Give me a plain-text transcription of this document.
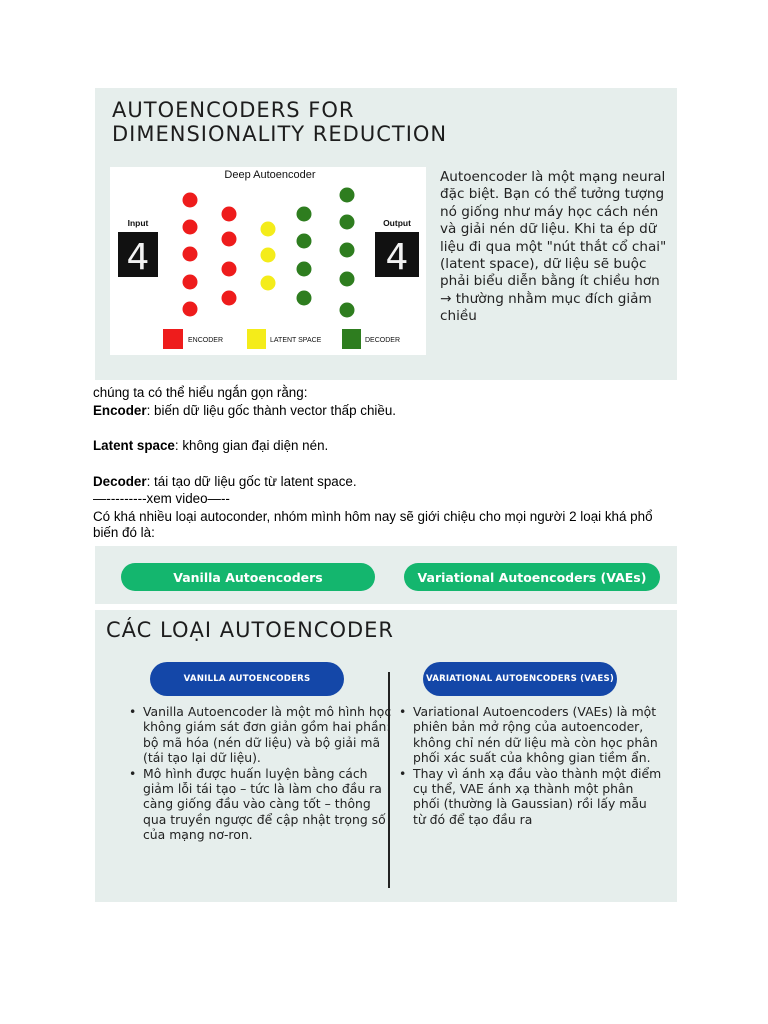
AUTOENCODERS FOR
DIMENSIONALITY REDUCTION
Deep Autoencoder
Input	Output
4	4
ENCODER	LATENT SPACE	DECODER
Autoencoder là một mạng neural đặc biệt. Bạn có thể tưởng tượng nó giống như máy học cách nén và giải nén dữ liệu. Khi ta ép dữ liệu đi qua một "nút thắt cổ chai" (latent space), dữ liệu sẽ buộc phải biểu diễn bằng ít chiều hơn → thường nhằm mục đích giảm chiều
chúng ta có thể hiểu ngắn gọn rằng:
Encoder: biến dữ liệu gốc thành vector thấp chiều.
Latent space: không gian đại diện nén.
Decoder: tái tạo dữ liệu gốc từ latent space.
—---------xem video—--
Có khá nhiều loại autoconder, nhóm mình hôm nay sẽ giới chiệu cho mọi người 2 loại khá phổ biến đó là:
Vanilla Autoencoders	Variational Autoencoders (VAEs)
CÁC LOẠI AUTOENCODER
VANILLA AUTOENCODERS	VARIATIONAL AUTOENCODERS (VAES)
• Vanilla Autoencoder là một mô hình học không giám sát đơn giản gồm hai phần: bộ mã hóa (nén dữ liệu) và bộ giải mã (tái tạo lại dữ liệu).
• Mô hình được huấn luyện bằng cách giảm lỗi tái tạo – tức là làm cho đầu ra càng giống đầu vào càng tốt – thông qua truyền ngược để cập nhật trọng số của mạng nơ-ron.
• Variational Autoencoders (VAEs) là một phiên bản mở rộng của autoencoder, không chỉ nén dữ liệu mà còn học phân phối xác suất của không gian tiềm ẩn.
• Thay vì ánh xạ đầu vào thành một điểm cụ thể, VAE ánh xạ thành một phân phối (thường là Gaussian) rồi lấy mẫu từ đó để tạo đầu ra
